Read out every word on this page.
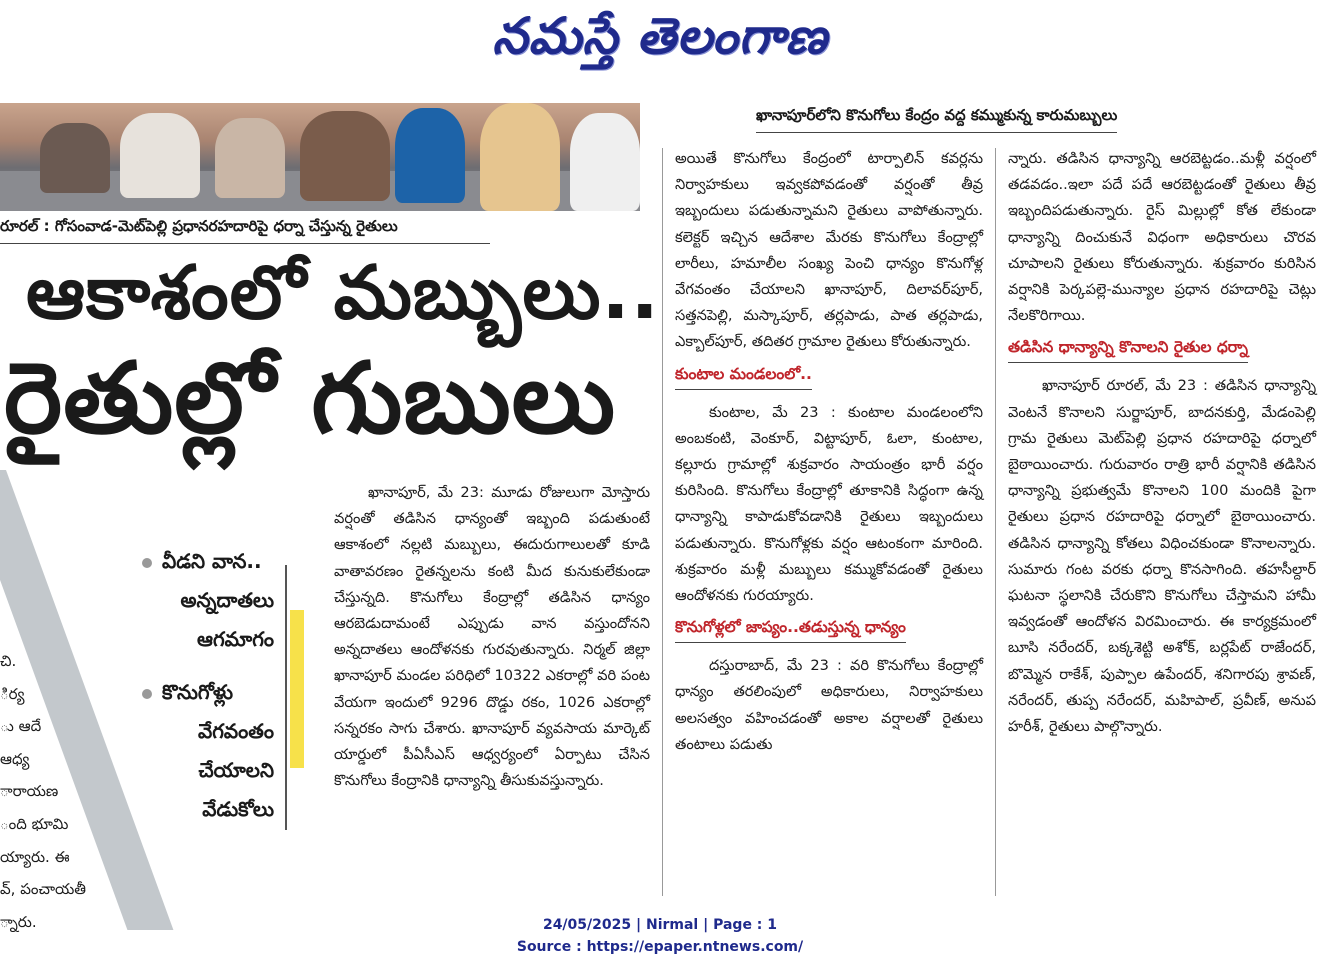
నమస్తే తెలంగాణ
రూరల్ : గోసంవాడ-మెట్‌పెల్లి ప్రధానరహదారిపై ధర్నా చేస్తున్న రైతులు
ఆకాశంలో మబ్బులు..
రైతుల్లో గుబులు
చి.
ిర్య
ు ఆదే
ఆధ్య
ారాయణ
ంది భూమి
య్యారు. ఈ
వ్, పంచాయతీ
్నారు.
వీడని వాన..
అన్నదాతలు
ఆగమాగం
కొనుగోళ్లు
వేగవంతం
చేయాలని
వేడుకోలు

ఖానాపూర్, మే 23: మూడు రోజులుగా మోస్తారు వర్షంతో తడిసిన ధాన్యంతో ఇబ్బంది పడుతుంటే ఆకాశంలో నల్లటి మబ్బులు, ఈదురుగాలులతో కూడి వాతావరణం రైతన్నలను కంటి మీద కునుకులేకుండా చేస్తున్నది. కొనుగోలు కేంద్రాల్లో తడిసిన ధాన్యం ఆరబెడుదామంటే ఎప్పుడు వాన వస్తుందోనని అన్నదాతలు ఆందోళనకు గురవుతున్నారు. నిర్మల్ జిల్లా ఖానాపూర్ మండల పరిధిలో 10322 ఎకరాల్లో వరి పంట వేయగా ఇందులో 9296 దొడ్డు రకం, 1026 ఎకరాల్లో సన్నరకం సాగు చేశారు. ఖానాపూర్ వ్యవసాయ మార్కెట్ యార్డులో పీఏసీఎస్ ఆధ్వర్యంలో ఏర్పాటు చేసిన కొనుగోలు కేంద్రానికి ధాన్యాన్ని తీసుకువస్తున్నారు.

ఖానాపూర్‌లోని కొనుగోలు కేంద్రం వద్ద కమ్ముకున్న కారుమబ్బులు

అయితే కొనుగోలు కేంద్రంలో టార్పాలిన్ కవర్లను నిర్వాహకులు ఇవ్వకపోవడంతో వర్షంతో తీవ్ర ఇబ్బందులు పడుతున్నామని రైతులు వాపోతున్నారు. కలెక్టర్ ఇచ్చిన ఆదేశాల మేరకు కొనుగోలు కేంద్రాల్లో లారీలు, హమాలీల సంఖ్య పెంచి ధాన్యం కొనుగోళ్ల వేగవంతం చేయాలని ఖానాపూర్, దిలావర్‌పూర్, సత్తనపెల్లి, మస్కాపూర్, తర్లపాడు, పాత తర్లపాడు, ఎక్బాల్‌పూర్, తదితర గ్రామాల రైతులు కోరుతున్నారు.

కుంటాల మండలంలో..

కుంటాల, మే 23 : కుంటాల మండలంలోని అంబకంటి, వెంకూర్, విట్టాపూర్, ఓలా, కుంటాల, కల్లూరు గ్రామాల్లో శుక్రవారం సాయంత్రం భారీ వర్షం కురిసింది. కొనుగోలు కేంద్రాల్లో తూకానికి సిద్ధంగా ఉన్న ధాన్యాన్ని కాపాడుకోవడానికి రైతులు ఇబ్బందులు పడుతున్నారు. కొనుగోళ్లకు వర్షం ఆటంకంగా మారింది. శుక్రవారం మళ్లీ మబ్బులు కమ్ముకోవడంతో రైతులు ఆందోళనకు గురయ్యారు.

కొనుగోళ్లలో జాప్యం..తడుస్తున్న ధాన్యం

దస్తురాబాద్, మే 23 : వరి కొనుగోలు కేంద్రాల్లో ధాన్యం తరలింపులో అధికారులు, నిర్వాహకులు అలసత్వం వహించడంతో అకాల వర్షాలతో రైతులు తంటాలు పడుతు

న్నారు. తడిసిన ధాన్యాన్ని ఆరబెట్టడం..మళ్లీ వర్షంలో తడవడం..ఇలా పదే పదే ఆరబెట్టడంతో రైతులు తీవ్ర ఇబ్బందిపడుతున్నారు. రైస్ మిల్లుల్లో కోత లేకుండా ధాన్యాన్ని దించుకునే విధంగా అధికారులు చొరవ చూపాలని రైతులు కోరుతున్నారు. శుక్రవారం కురిసిన వర్షానికి పెర్కపల్లె-మున్యాల ప్రధాన రహదారిపై చెట్లు నేలకొరిగాయి.

తడిసిన ధాన్యాన్ని కొనాలని రైతుల ధర్నా

ఖానాపూర్ రూరల్, మే 23 : తడిసిన ధాన్యాన్ని వెంటనే కొనాలని సుర్జాపూర్, బాదనకుర్తి, మేడంపెల్లి గ్రామ రైతులు మెట్‌పెల్లి ప్రధాన రహదారిపై ధర్నాలో బైఠాయించారు. గురువారం రాత్రి భారీ వర్షానికి తడిసిన ధాన్యాన్ని ప్రభుత్వమే కొనాలని 100 మందికి పైగా రైతులు ప్రధాన రహదారిపై ధర్నాలో బైఠాయించారు. తడిసిన ధాన్యాన్ని కోతలు విధించకుండా కొనాలన్నారు. సుమారు గంట వరకు ధర్నా కొనసాగింది. తహసీల్దార్ ఘటనా స్థలానికి చేరుకొని కొనుగోలు చేస్తామని హామీ ఇవ్వడంతో ఆందోళన విరమించారు. ఈ కార్యక్రమంలో బూసి నరేందర్, బక్కశెట్టి అశోక్, బర్లపేట్ రాజేందర్, బొమ్మెన రాకేశ్, పుప్పాల ఉపేందర్, శనిగారపు శ్రావణ్, నరేందర్, తుప్ప నరేందర్, మహిపాల్, ప్రవీణ్, అనుప హరీశ్, రైతులు పాల్గొన్నారు.

24/05/2025 | Nirmal | Page : 1
Source : https://epaper.ntnews.com/
